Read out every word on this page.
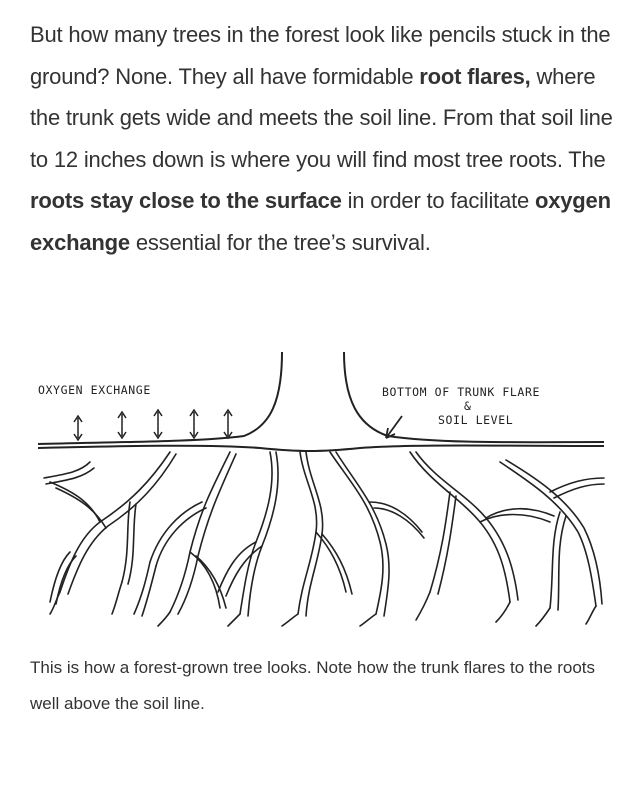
But how many trees in the forest look like pencils stuck in the ground? None. They all have formidable root flares, where the trunk gets wide and meets the soil line. From that soil line to 12 inches down is where you will find most tree roots. The roots stay close to the surface in order to facilitate oxygen exchange essential for the tree’s survival.

OXYGEN EXCHANGE	BOTTOM OF TRUNK FLARE
&
SOIL LEVEL

This is how a forest-grown tree looks. Note how the trunk flares to the roots well above the soil line.
